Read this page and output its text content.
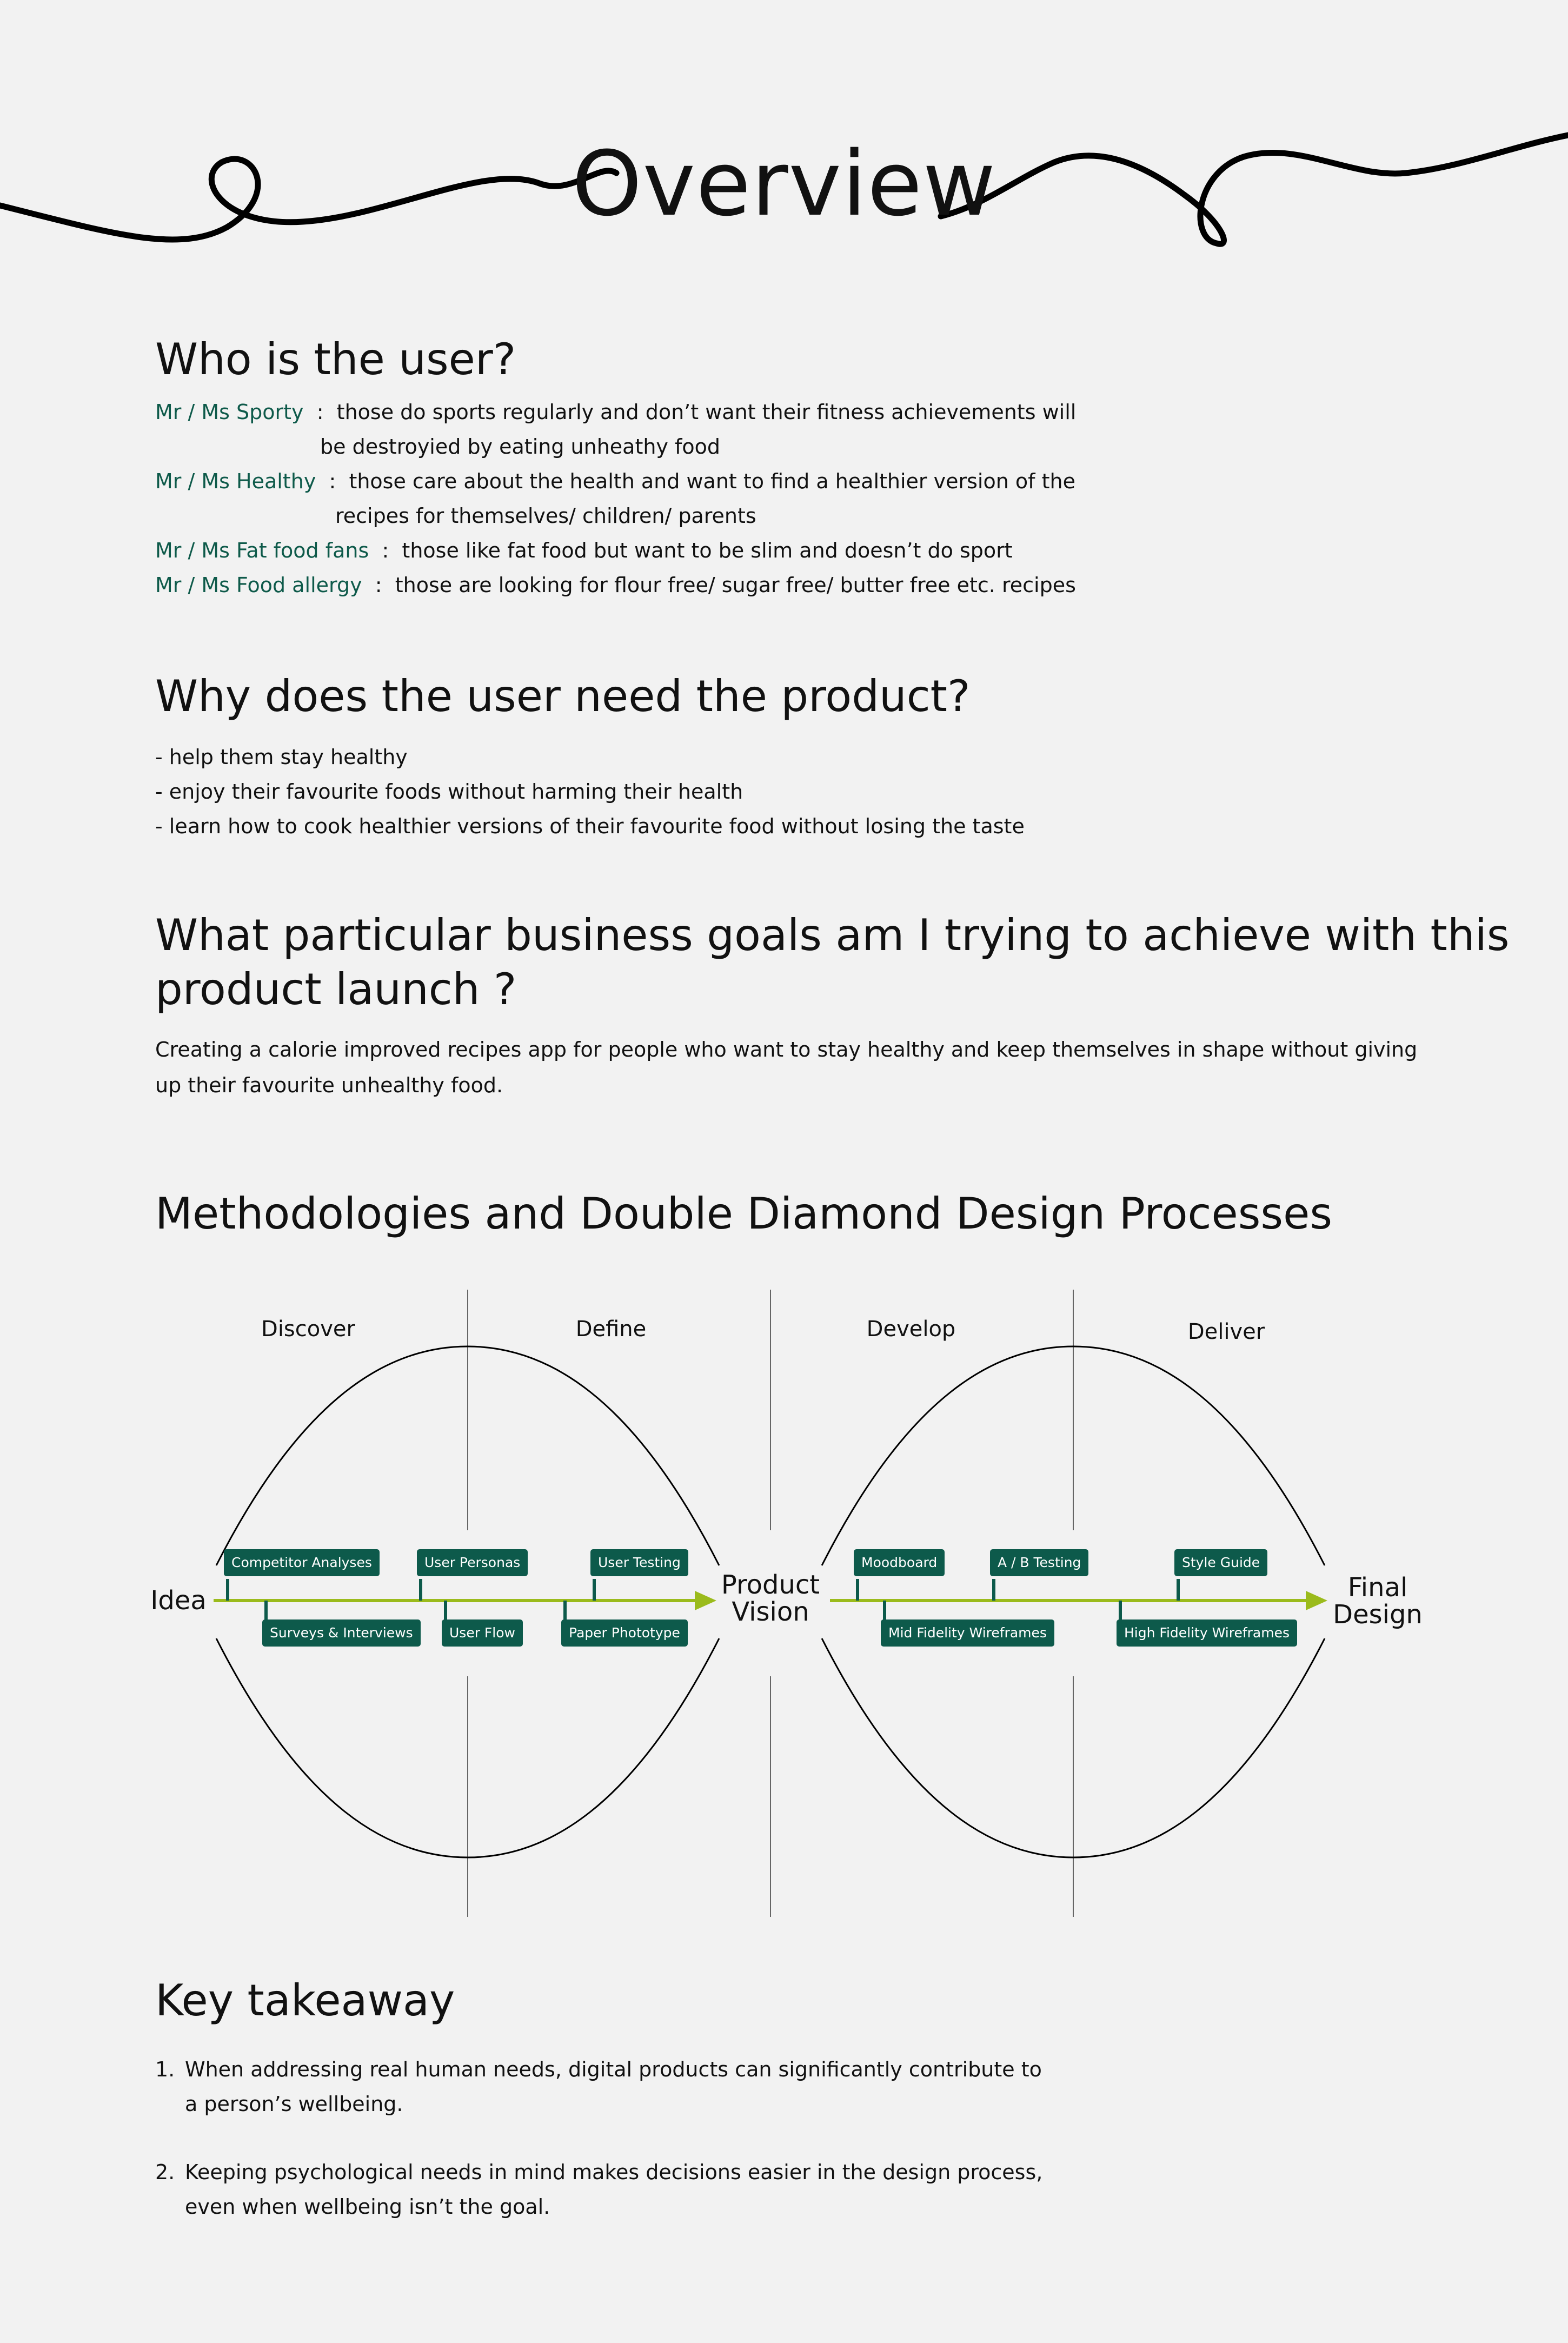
Overview
Who is the user?
Mr / Ms Sporty  :  those do sports regularly and don’t want their fitness achievements will
be destroyied by eating unheathy food
Mr / Ms Healthy  :  those care about the health and want to find a healthier version of the
recipes for themselves/ children/ parents
Mr / Ms Fat food fans  :  those like fat food but want to be slim and doesn’t do sport
Mr / Ms Food allergy  :  those are looking for flour free/ sugar free/ butter free etc. recipes
Why does the user need the product?
- help them stay healthy
- enjoy their favourite foods without harming their health
- learn how to cook healthier versions of their favourite food without losing the taste
What particular business goals am I trying to achieve with this
product launch ?
Creating a calorie improved recipes app for people who want to stay healthy and keep themselves in shape without giving up their favourite unhealthy food.
Methodologies and Double Diamond Design Processes
Discover	Define	Develop	Deliver
Idea
Product
Vision
Final
Design
Competitor Analyses	User Personas	User Testing	Moodboard	A / B Testing	Style Guide
Surveys & Interviews	User Flow	Paper Phototype	Mid Fidelity Wireframes	High Fidelity Wireframes
Key takeaway
1. When addressing real human needs, digital products can significantly contribute to a person’s wellbeing.
2. Keeping psychological needs in mind makes decisions easier in the design process, even when wellbeing isn’t the goal.
